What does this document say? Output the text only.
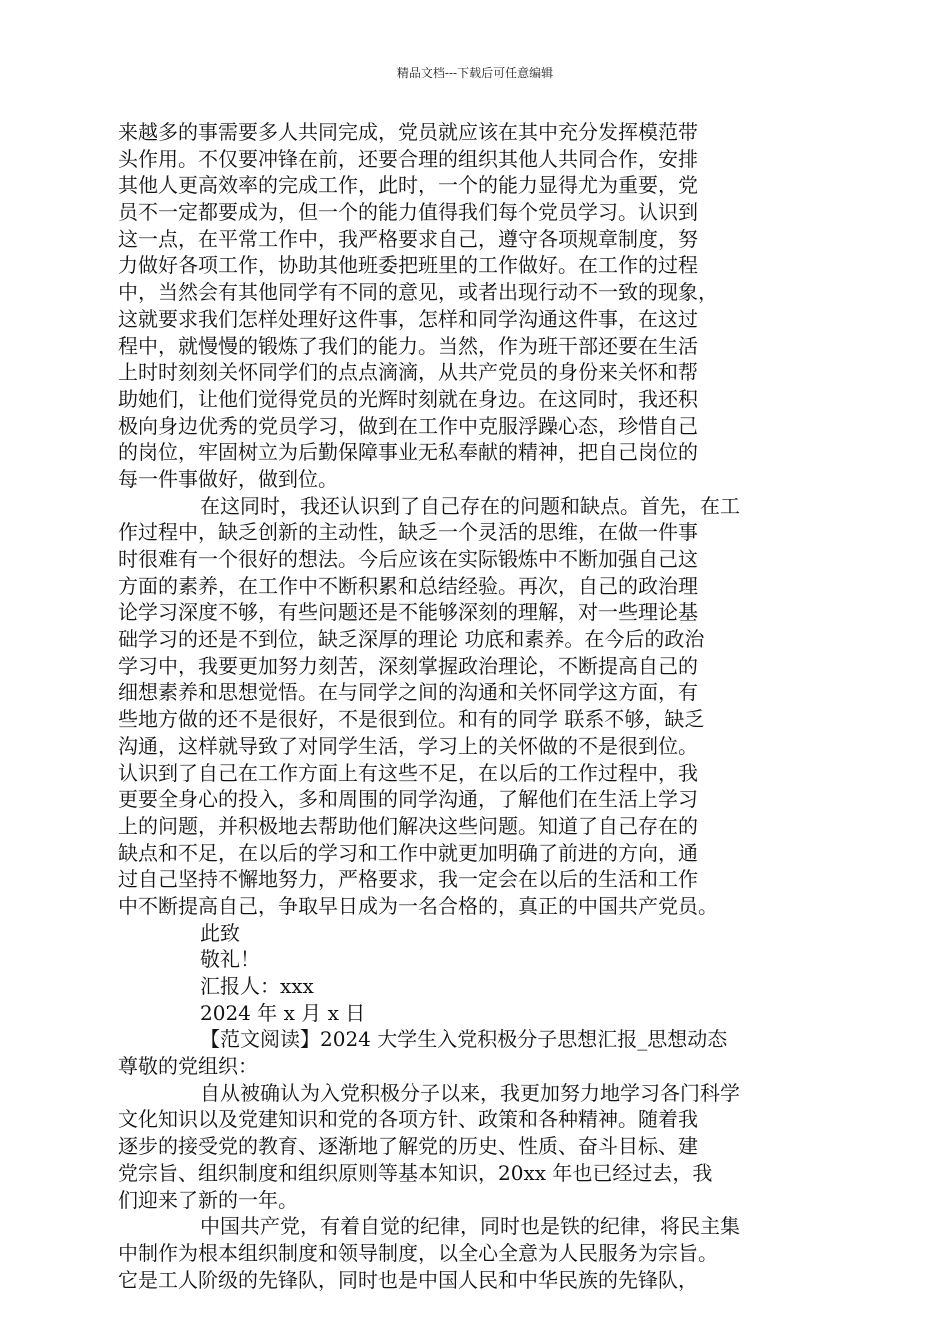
精品文档---下载后可任意编辑
来越多的事需要多人共同完成，党员就应该在其中充分发挥模范带
头作用。不仅要冲锋在前，还要合理的组织其他人共同合作，安排
其他人更高效率的完成工作，此时，一个的能力显得尤为重要，党
员不一定都要成为，但一个的能力值得我们每个党员学习。认识到
这一点，在平常工作中，我严格要求自己，遵守各项规章制度，努
力做好各项工作，协助其他班委把班里的工作做好。在工作的过程
中，当然会有其他同学有不同的意见，或者出现行动不一致的现象，
这就要求我们怎样处理好这件事，怎样和同学沟通这件事，在这过
程中，就慢慢的锻炼了我们的能力。当然，作为班干部还要在生活
上时时刻刻关怀同学们的点点滴滴，从共产党员的身份来关怀和帮
助她们，让他们觉得党员的光辉时刻就在身边。在这同时，我还积
极向身边优秀的党员学习，做到在工作中克服浮躁心态，珍惜自己
的岗位，牢固树立为后勤保障事业无私奉献的精神，把自己岗位的
每一件事做好，做到位。
在这同时，我还认识到了自己存在的问题和缺点。首先，在工
作过程中，缺乏创新的主动性，缺乏一个灵活的思维，在做一件事
时很难有一个很好的想法。今后应该在实际锻炼中不断加强自己这
方面的素养，在工作中不断积累和总结经验。再次，自己的政治理
论学习深度不够，有些问题还是不能够深刻的理解，对一些理论基
础学习的还是不到位，缺乏深厚的理论 功底和素养。在今后的政治
学习中，我要更加努力刻苦，深刻掌握政治理论，不断提高自己的
细想素养和思想觉悟。在与同学之间的沟通和关怀同学这方面，有
些地方做的还不是很好，不是很到位。和有的同学 联系不够，缺乏
沟通，这样就导致了对同学生活，学习上的关怀做的不是很到位。
认识到了自己在工作方面上有这些不足，在以后的工作过程中，我
更要全身心的投入，多和周围的同学沟通，了解他们在生活上学习
上的问题，并积极地去帮助他们解决这些问题。知道了自己存在的
缺点和不足，在以后的学习和工作中就更加明确了前进的方向，通
过自己坚持不懈地努力，严格要求，我一定会在以后的生活和工作
中不断提高自己，争取早日成为一名合格的，真正的中国共产党员。
此致
敬礼！
汇报人：xxx
2024 年 x 月 x 日
【范文阅读】2024 大学生入党积极分子思想汇报_思想动态
尊敬的党组织：
自从被确认为入党积极分子以来，我更加努力地学习各门科学
文化知识以及党建知识和党的各项方针、政策和各种精神。随着我
逐步的接受党的教育、逐渐地了解党的历史、性质、奋斗目标、建
党宗旨、组织制度和组织原则等基本知识，20xx 年也已经过去，我
们迎来了新的一年。
中国共产党，有着自觉的纪律，同时也是铁的纪律，将民主集
中制作为根本组织制度和领导制度，以全心全意为人民服务为宗旨。
它是工人阶级的先锋队，同时也是中国人民和中华民族的先锋队，
